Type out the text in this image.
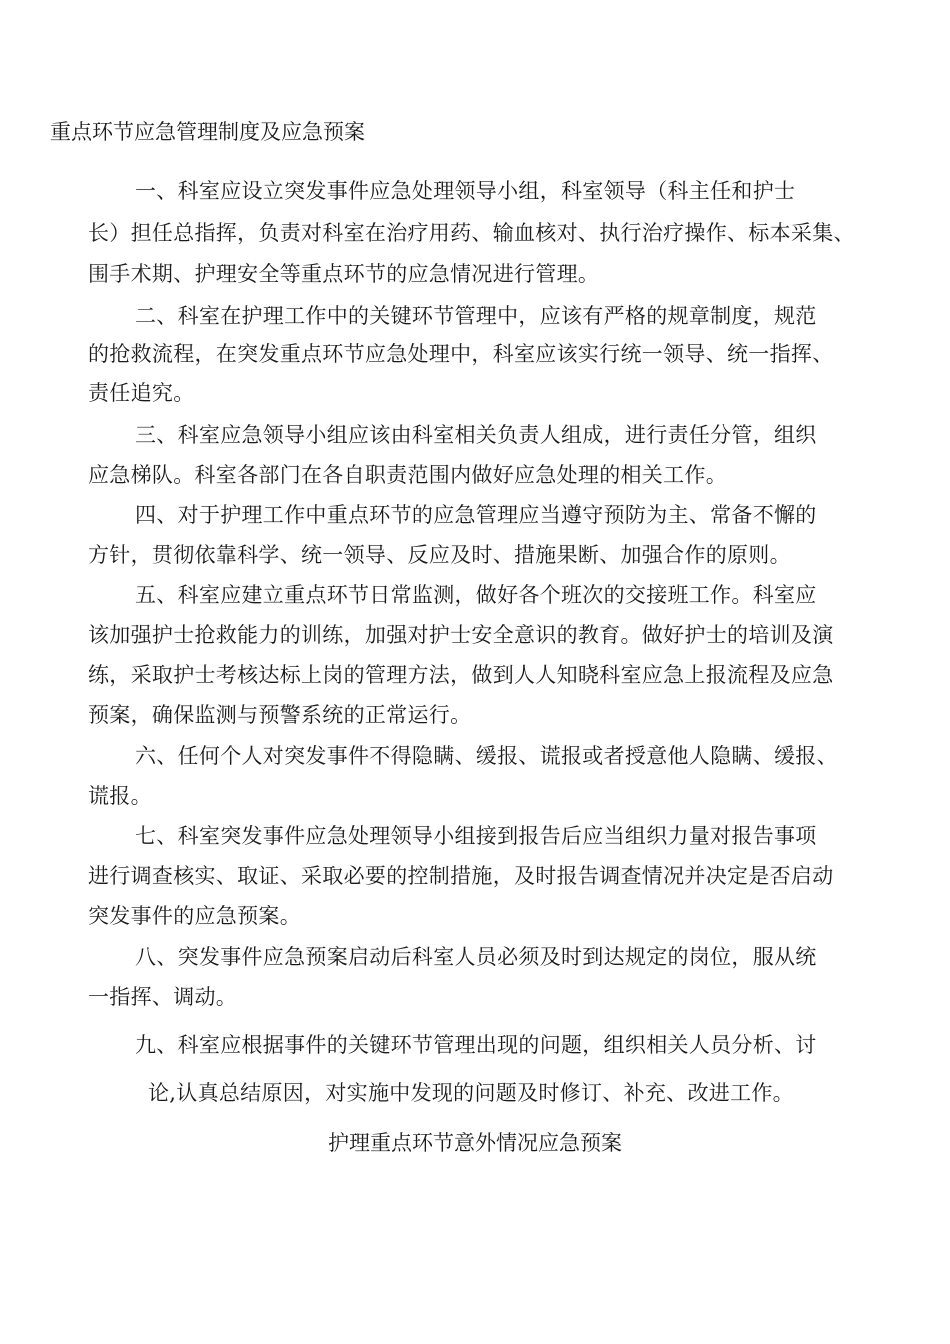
重点环节应急管理制度及应急预案
一、科室应设立突发事件应急处理领导小组，科室领导（科主任和护士
长）担任总指挥，负责对科室在治疗用药、输血核对、执行治疗操作、标本采集、
围手术期、护理安全等重点环节的应急情况进行管理。
二、科室在护理工作中的关键环节管理中，应该有严格的规章制度，规范
的抢救流程，在突发重点环节应急处理中，科室应该实行统一领导、统一指挥、
责任追究。
三、科室应急领导小组应该由科室相关负责人组成，进行责任分管，组织
应急梯队。科室各部门在各自职责范围内做好应急处理的相关工作。
四、对于护理工作中重点环节的应急管理应当遵守预防为主、常备不懈的
方针，贯彻依靠科学、统一领导、反应及时、措施果断、加强合作的原则。
五、科室应建立重点环节日常监测，做好各个班次的交接班工作。科室应
该加强护士抢救能力的训练，加强对护士安全意识的教育。做好护士的培训及演
练，采取护士考核达标上岗的管理方法，做到人人知晓科室应急上报流程及应急
预案，确保监测与预警系统的正常运行。
六、任何个人对突发事件不得隐瞒、缓报、谎报或者授意他人隐瞒、缓报、
谎报。
七、科室突发事件应急处理领导小组接到报告后应当组织力量对报告事项
进行调查核实、取证、采取必要的控制措施，及时报告调查情况并决定是否启动
突发事件的应急预案。
八、突发事件应急预案启动后科室人员必须及时到达规定的岗位，服从统
一指挥、调动。
九、科室应根据事件的关键环节管理出现的问题，组织相关人员分析、讨
论,认真总结原因，对实施中发现的问题及时修订、补充、改进工作。
护理重点环节意外情况应急预案
